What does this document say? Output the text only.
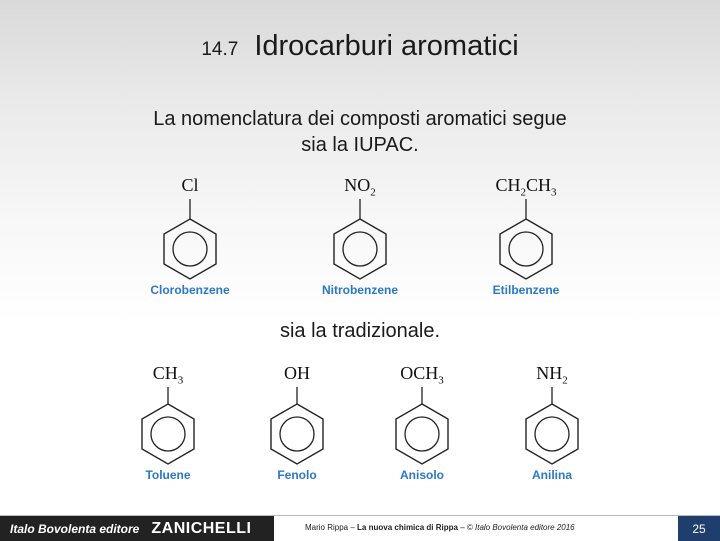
14.7 Idrocarburi aromatici
La nomenclatura dei composti aromatici segue
sia la IUPAC.
Cl
Clorobenzene
$NO_2$
Nitrobenzene
$CH_2CH_3$
Etilbenzene
sia la tradizionale.
$CH_3$
Toluene
OH
Fenolo
$OCH_3$
Anisolo
$NH_2$
Anilina
Italo Bovolenta editore ZANICHELLI	Mario Rippa – La nuova chimica di Rippa – © Italo Bovolenta editore 2016	25
